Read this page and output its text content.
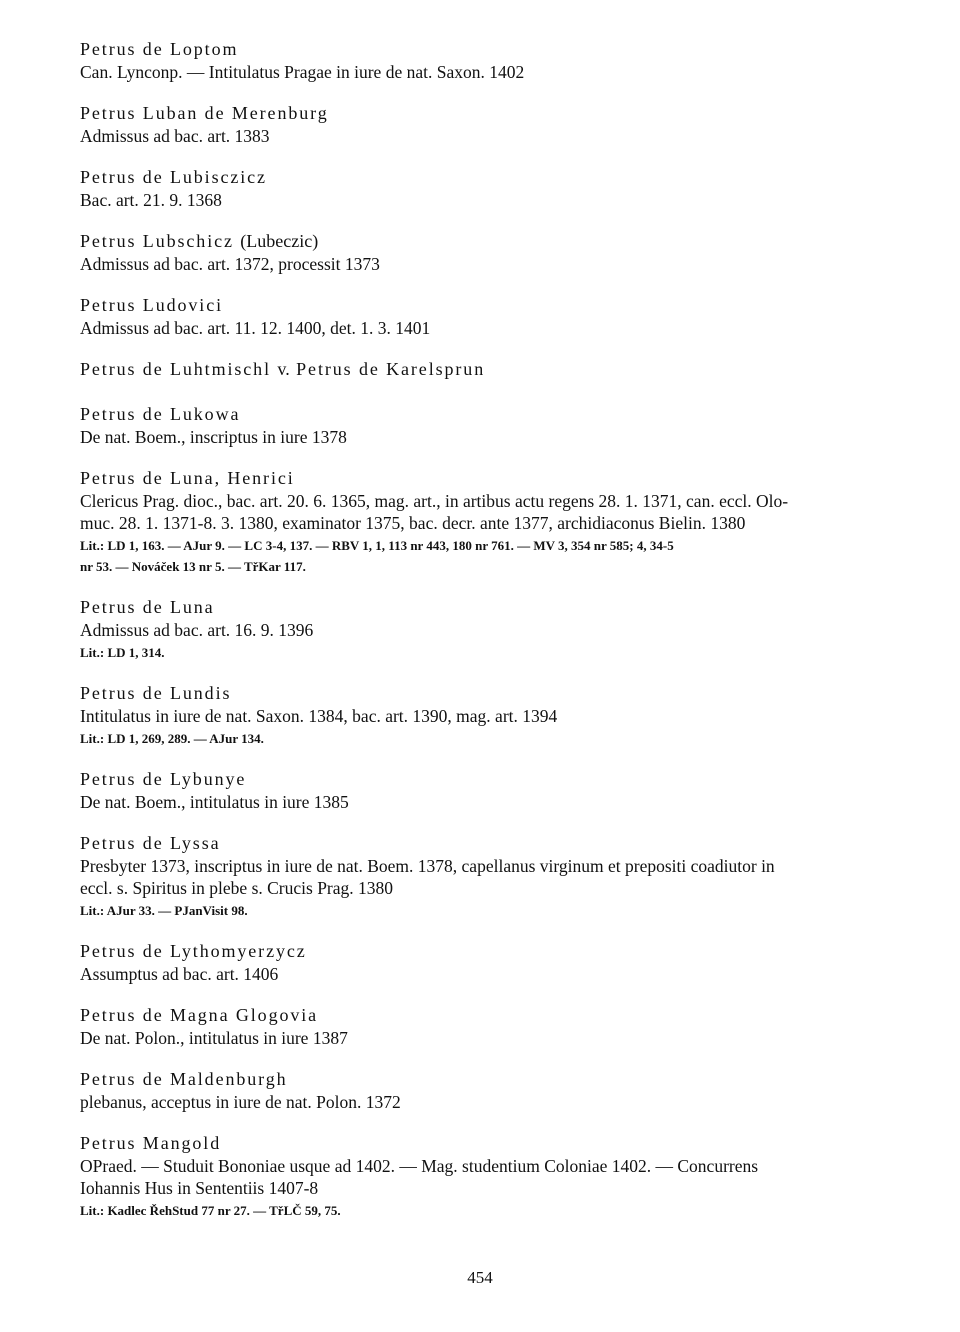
Petrus de Loptom
Can. Lynconp. — Intitulatus Pragae in iure de nat. Saxon. 1402
Petrus Luban de Merenburg
Admissus ad bac. art. 1383
Petrus de Lubisczicz
Bac. art. 21. 9. 1368
Petrus Lubschicz (Lubeczic)
Admissus ad bac. art. 1372, processit 1373
Petrus Ludovici
Admissus ad bac. art. 11. 12. 1400, det. 1. 3. 1401
Petrus de Luhtmischl v. Petrus de Karelsprun
Petrus de Lukowa
De nat. Boem., inscriptus in iure 1378
Petrus de Luna, Henrici
Clericus Prag. dioc., bac. art. 20. 6. 1365, mag. art., in artibus actu regens 28. 1. 1371, can. eccl. Olo-
muc. 28. 1. 1371-8. 3. 1380, examinator 1375, bac. decr. ante 1377, archidiaconus Bielin. 1380
Lit.: LD 1, 163. — AJur 9. — LC 3-4, 137. — RBV 1, 1, 113 nr 443, 180 nr 761. — MV 3, 354 nr 585; 4, 34-5
nr 53. — Nováček 13 nr 5. — TřKar 117.
Petrus de Luna
Admissus ad bac. art. 16. 9. 1396
Lit.: LD 1, 314.
Petrus de Lundis
Intitulatus in iure de nat. Saxon. 1384, bac. art. 1390, mag. art. 1394
Lit.: LD 1, 269, 289. — AJur 134.
Petrus de Lybunye
De nat. Boem., intitulatus in iure 1385
Petrus de Lyssa
Presbyter 1373, inscriptus in iure de nat. Boem. 1378, capellanus virginum et prepositi coadiutor in
eccl. s. Spiritus in plebe s. Crucis Prag. 1380
Lit.: AJur 33. — PJanVisit 98.
Petrus de Lythomyerzycz
Assumptus ad bac. art. 1406
Petrus de Magna Glogovia
De nat. Polon., intitulatus in iure 1387
Petrus de Maldenburgh
plebanus, acceptus in iure de nat. Polon. 1372
Petrus Mangold
OPraed. — Studuit Bononiae usque ad 1402. — Mag. studentium Coloniae 1402. — Concurrens
Iohannis Hus in Sententiis 1407-8
Lit.: Kadlec ŘehStud 77 nr 27. — TřLČ 59, 75.
454
